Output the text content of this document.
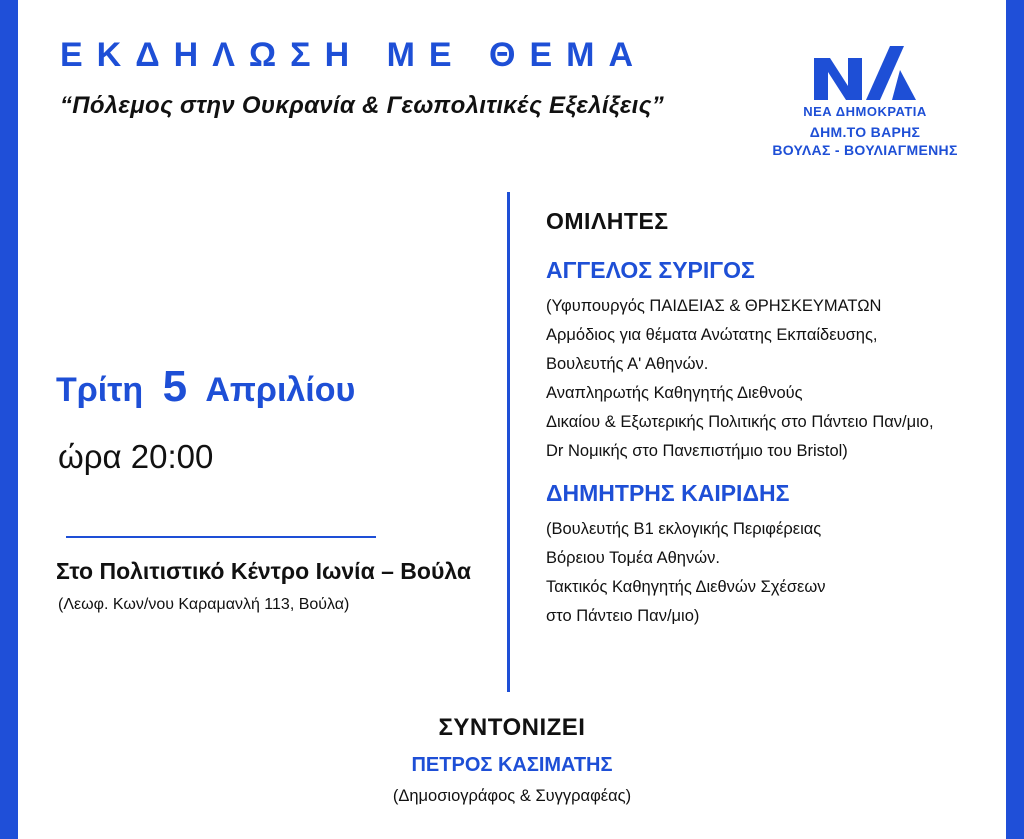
ΕΚΔΗΛΩΣΗ ΜΕ ΘΕΜΑ
“Πόλεμος στην Ουκρανία & Γεωπολιτικές Εξελίξεις”	ΝΕΑ ΔΗΜΟΚΡΑΤΙΑ
ΔΗΜ.ΤΟ ΒΑΡΗΣ
ΒΟΥΛΑΣ - ΒΟΥΛΙΑΓΜΕΝΗΣ
Τρίτη 5 Απριλίου
ώρα 20:00
Στο Πολιτιστικό Κέντρο Ιωνία – Βούλα
(Λεωφ. Κων/νου Καραμανλή 113, Βούλα)
ΟΜΙΛΗΤΕΣ
ΑΓΓΕΛΟΣ ΣΥΡΙΓΟΣ
(Υφυπουργός ΠΑΙΔΕΙΑΣ & ΘΡΗΣΚΕΥΜΑΤΩΝ
Αρμόδιος για θέματα Ανώτατης Εκπαίδευσης,
Βουλευτής Α' Αθηνών.
Αναπληρωτής Καθηγητής Διεθνούς
Δικαίου & Εξωτερικής Πολιτικής στο Πάντειο Παν/μιο,
Dr Νομικής στο Πανεπιστήμιο του Bristol)
ΔΗΜΗΤΡΗΣ ΚΑΙΡΙΔΗΣ
(Βουλευτής Β1 εκλογικής Περιφέρειας
Βόρειου Τομέα Αθηνών.
Τακτικός Καθηγητής Διεθνών Σχέσεων
στο Πάντειο Παν/μιο)
ΣΥΝΤΟΝΙΖΕΙ
ΠΕΤΡΟΣ ΚΑΣΙΜΑΤΗΣ
(Δημοσιογράφος & Συγγραφέας)
